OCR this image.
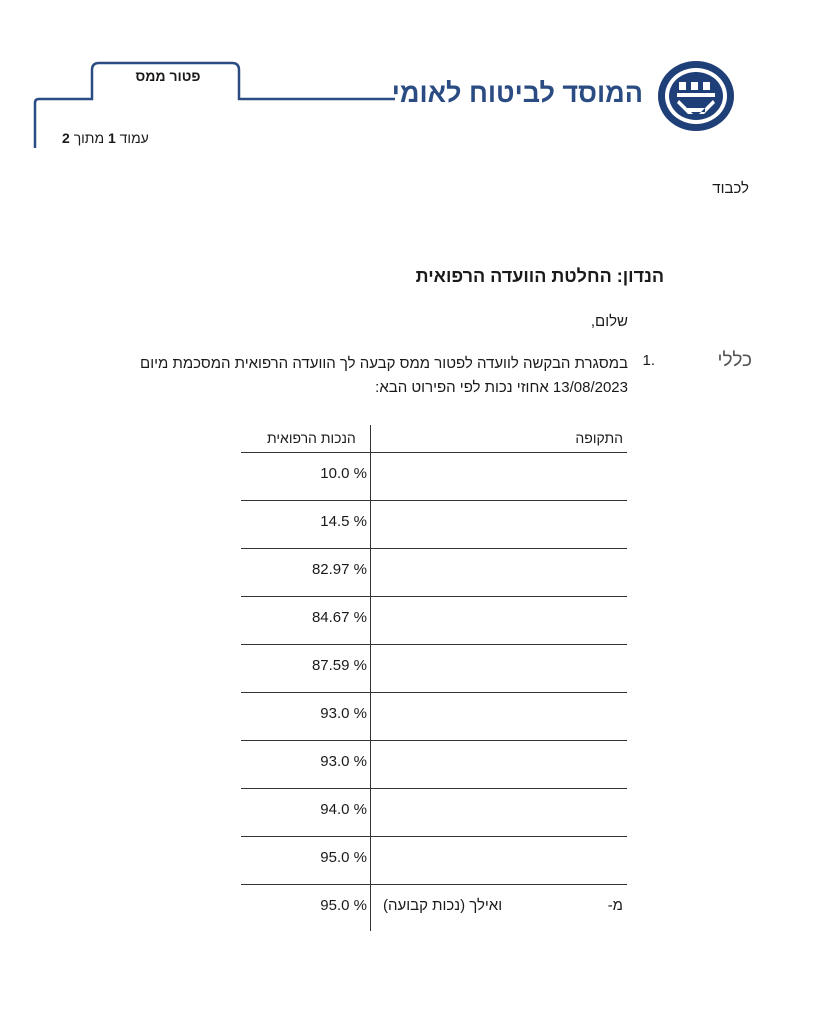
המוסד לביטוח לאומי
פטור ממס
עמוד 1 מתוך 2
לכבוד
הנדון: החלטת הוועדה הרפואית
שלום,
כללי
1.
במסגרת הבקשה לוועדה לפטור ממס קבעה לך הוועדה הרפואית המסכמת מיום
13/08/2023 אחוזי נכות לפי הפירוט הבא:
התקופה
הנכות הרפואית
10.0 %
14.5 %
82.97 %
84.67 %
87.59 %
93.0 %
93.0 %
94.0 %
95.0 %
95.0 %	מ-
ואילך (נכות קבועה)
